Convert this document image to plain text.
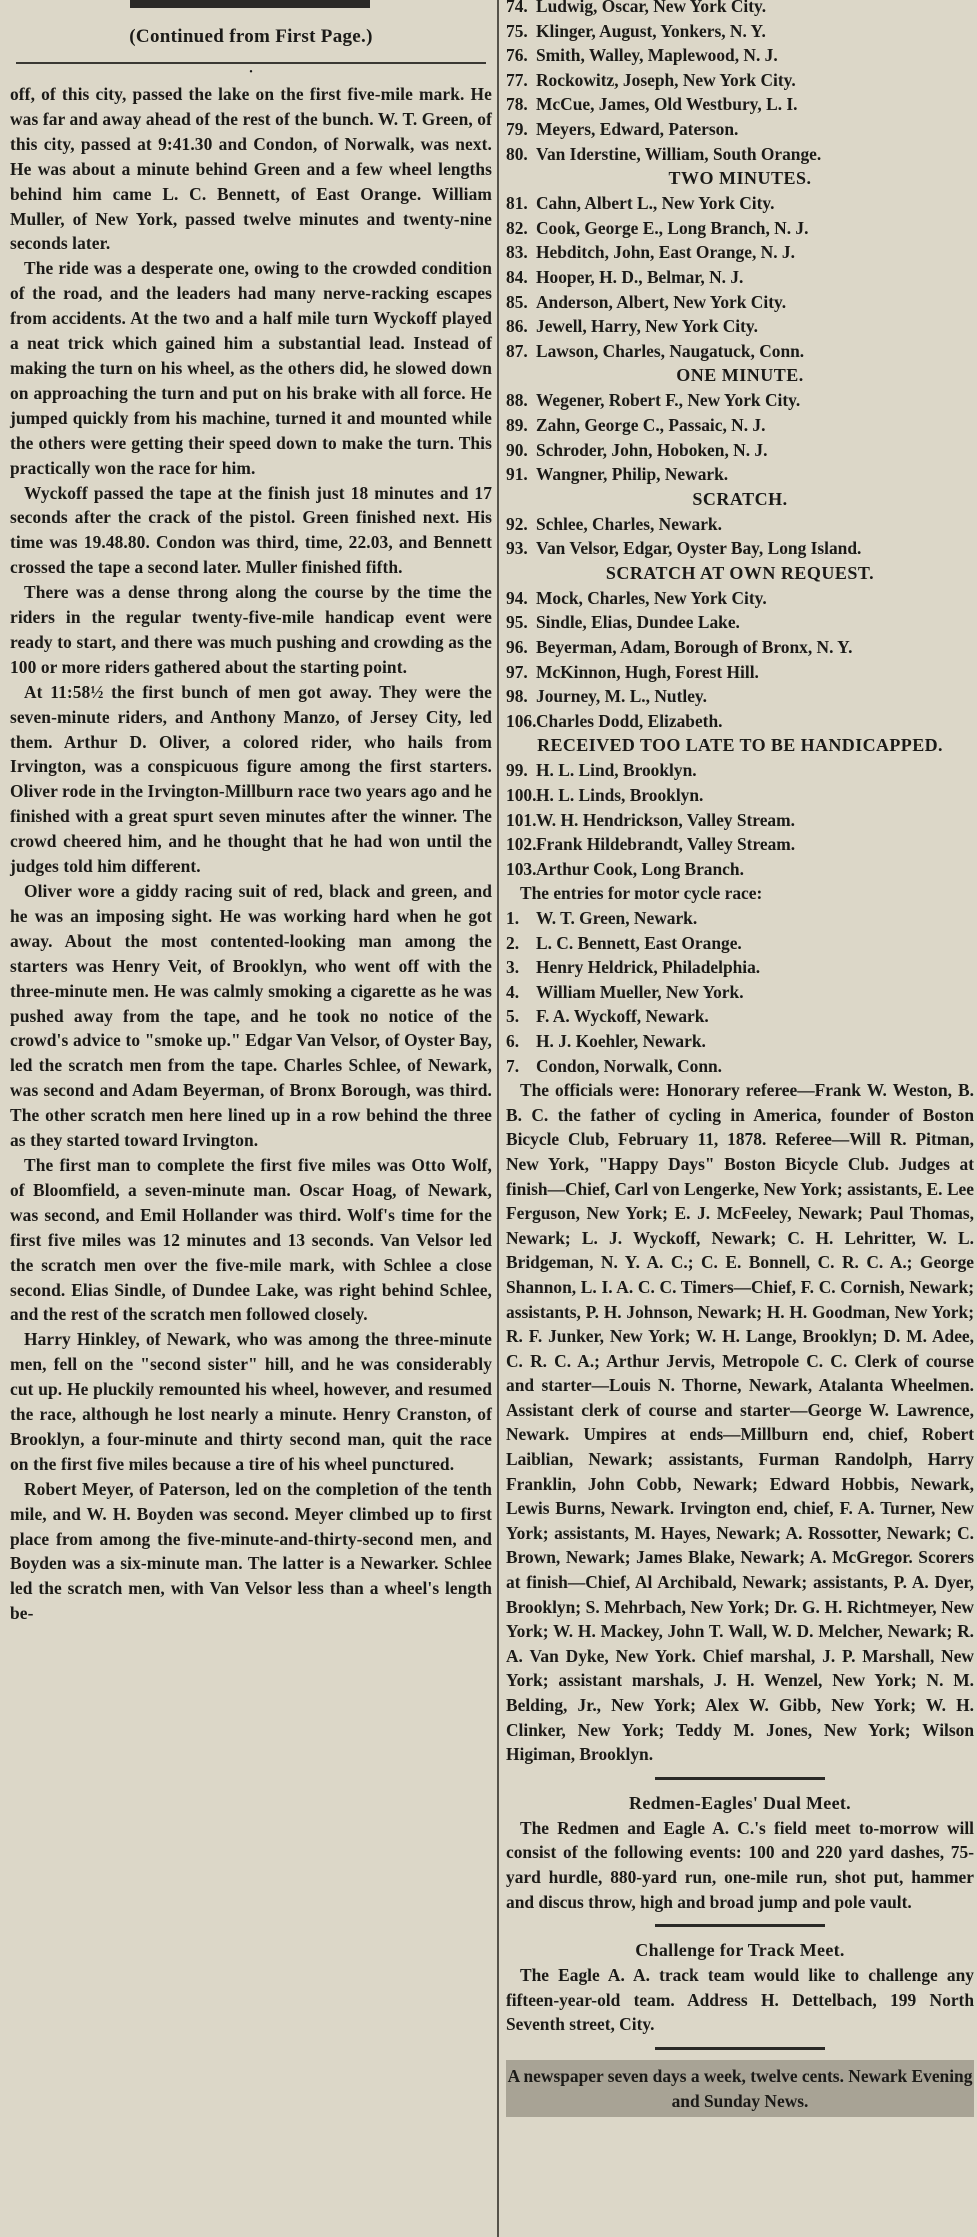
(Continued from First Page.)
•

off, of this city, passed the lake on the first five-mile mark. He was far and away ahead of the rest of the bunch. W. T. Green, of this city, passed at 9:41.30 and Condon, of Norwalk, was next. He was about a minute behind Green and a few wheel lengths behind him came L. C. Bennett, of East Orange. William Muller, of New York, passed twelve minutes and twenty-nine seconds later.

The ride was a desperate one, owing to the crowded condition of the road, and the leaders had many nerve-racking escapes from accidents. At the two and a half mile turn Wyckoff played a neat trick which gained him a substantial lead. Instead of making the turn on his wheel, as the others did, he slowed down on approaching the turn and put on his brake with all force. He jumped quickly from his machine, turned it and mounted while the others were getting their speed down to make the turn. This practically won the race for him.

Wyckoff passed the tape at the finish just 18 minutes and 17 seconds after the crack of the pistol. Green finished next. His time was 19.48.80. Condon was third, time, 22.03, and Bennett crossed the tape a second later. Muller finished fifth.

There was a dense throng along the course by the time the riders in the regular twenty-five-mile handicap event were ready to start, and there was much pushing and crowding as the 100 or more riders gathered about the starting point.

At 11:58½ the first bunch of men got away. They were the seven-minute riders, and Anthony Manzo, of Jersey City, led them. Arthur D. Oliver, a colored rider, who hails from Irvington, was a conspicuous figure among the first starters. Oliver rode in the Irvington-Millburn race two years ago and he finished with a great spurt seven minutes after the winner. The crowd cheered him, and he thought that he had won until the judges told him different.

Oliver wore a giddy racing suit of red, black and green, and he was an imposing sight. He was working hard when he got away. About the most contented-looking man among the starters was Henry Veit, of Brooklyn, who went off with the three-minute men. He was calmly smoking a cigarette as he was pushed away from the tape, and he took no notice of the crowd's advice to "smoke up." Edgar Van Velsor, of Oyster Bay, led the scratch men from the tape. Charles Schlee, of Newark, was second and Adam Beyerman, of Bronx Borough, was third. The other scratch men here lined up in a row behind the three as they started toward Irvington.

The first man to complete the first five miles was Otto Wolf, of Bloomfield, a seven-minute man. Oscar Hoag, of Newark, was second, and Emil Hollander was third. Wolf's time for the first five miles was 12 minutes and 13 seconds. Van Velsor led the scratch men over the five-mile mark, with Schlee a close second. Elias Sindle, of Dundee Lake, was right behind Schlee, and the rest of the scratch men followed closely.

Harry Hinkley, of Newark, who was among the three-minute men, fell on the "second sister" hill, and he was considerably cut up. He pluckily remounted his wheel, however, and resumed the race, although he lost nearly a minute. Henry Cranston, of Brooklyn, a four-minute and thirty second man, quit the race on the first five miles because a tire of his wheel punctured.

Robert Meyer, of Paterson, led on the completion of the tenth mile, and W. H. Boyden was second. Meyer climbed up to first place from among the five-minute-and-thirty-second men, and Boyden was a six-minute man. The latter is a Newarker. Schlee led the scratch men, with Van Velsor less than a wheel's length be-

74. Ludwig, Oscar, New York City.
75. Klinger, August, Yonkers, N. Y.
76. Smith, Walley, Maplewood, N. J.
77. Rockowitz, Joseph, New York City.
78. McCue, James, Old Westbury, L. I.
79. Meyers, Edward, Paterson.
80. Van Iderstine, William, South Orange.
TWO MINUTES.
81. Cahn, Albert L., New York City.
82. Cook, George E., Long Branch, N. J.
83. Hebditch, John, East Orange, N. J.
84. Hooper, H. D., Belmar, N. J.
85. Anderson, Albert, New York City.
86. Jewell, Harry, New York City.
87. Lawson, Charles, Naugatuck, Conn.
ONE MINUTE.
88. Wegener, Robert F., New York City.
89. Zahn, George C., Passaic, N. J.
90. Schroder, John, Hoboken, N. J.
91. Wangner, Philip, Newark.
SCRATCH.
92. Schlee, Charles, Newark.
93. Van Velsor, Edgar, Oyster Bay, Long Island.
SCRATCH AT OWN REQUEST.
94. Mock, Charles, New York City.
95. Sindle, Elias, Dundee Lake.
96. Beyerman, Adam, Borough of Bronx, N. Y.
97. McKinnon, Hugh, Forest Hill.
98. Journey, M. L., Nutley.
106. Charles Dodd, Elizabeth.
RECEIVED TOO LATE TO BE HANDICAPPED.
99. H. L. Lind, Brooklyn.
100. H. L. Linds, Brooklyn.
101. W. H. Hendrickson, Valley Stream.
102. Frank Hildebrandt, Valley Stream.
103. Arthur Cook, Long Branch.

The entries for motor cycle race:

1. W. T. Green, Newark.
2. L. C. Bennett, East Orange.
3. Henry Heldrick, Philadelphia.
4. William Mueller, New York.
5. F. A. Wyckoff, Newark.
6. H. J. Koehler, Newark.
7. Condon, Norwalk, Conn.

The officials were: Honorary referee—Frank W. Weston, B. B. C. the father of cycling in America, founder of Boston Bicycle Club, February 11, 1878. Referee—Will R. Pitman, New York, "Happy Days" Boston Bicycle Club. Judges at finish—Chief, Carl von Lengerke, New York; assistants, E. Lee Ferguson, New York; E. J. McFeeley, Newark; Paul Thomas, Newark; L. J. Wyckoff, Newark; C. H. Lehritter, W. L. Bridgeman, N. Y. A. C.; C. E. Bonnell, C. R. C. A.; George Shannon, L. I. A. C. C. Timers—Chief, F. C. Cornish, Newark; assistants, P. H. Johnson, Newark; H. H. Goodman, New York; R. F. Junker, New York; W. H. Lange, Brooklyn; D. M. Adee, C. R. C. A.; Arthur Jervis, Metropole C. C. Clerk of course and starter—Louis N. Thorne, Newark, Atalanta Wheelmen. Assistant clerk of course and starter—George W. Lawrence, Newark. Umpires at ends—Millburn end, chief, Robert Laiblian, Newark; assistants, Furman Randolph, Harry Franklin, John Cobb, Newark; Edward Hobbis, Newark, Lewis Burns, Newark. Irvington end, chief, F. A. Turner, New York; assistants, M. Hayes, Newark; A. Rossotter, Newark; C. Brown, Newark; James Blake, Newark; A. McGregor. Scorers at finish—Chief, Al Archibald, Newark; assistants, P. A. Dyer, Brooklyn; S. Mehrbach, New York; Dr. G. H. Richtmeyer, New York; W. H. Mackey, John T. Wall, W. D. Melcher, Newark; R. A. Van Dyke, New York. Chief marshal, J. P. Marshall, New York; assistant marshals, J. H. Wenzel, New York; N. M. Belding, Jr., New York; Alex W. Gibb, New York; W. H. Clinker, New York; Teddy M. Jones, New York; Wilson Higiman, Brooklyn.

Redmen-Eagles' Dual Meet.

The Redmen and Eagle A. C.'s field meet to-morrow will consist of the following events: 100 and 220 yard dashes, 75-yard hurdle, 880-yard run, one-mile run, shot put, hammer and discus throw, high and broad jump and pole vault.

Challenge for Track Meet.

The Eagle A. A. track team would like to challenge any fifteen-year-old team. Address H. Dettelbach, 199 North Seventh street, City.

A newspaper seven days a week, twelve cents. Newark Evening and Sunday News.
